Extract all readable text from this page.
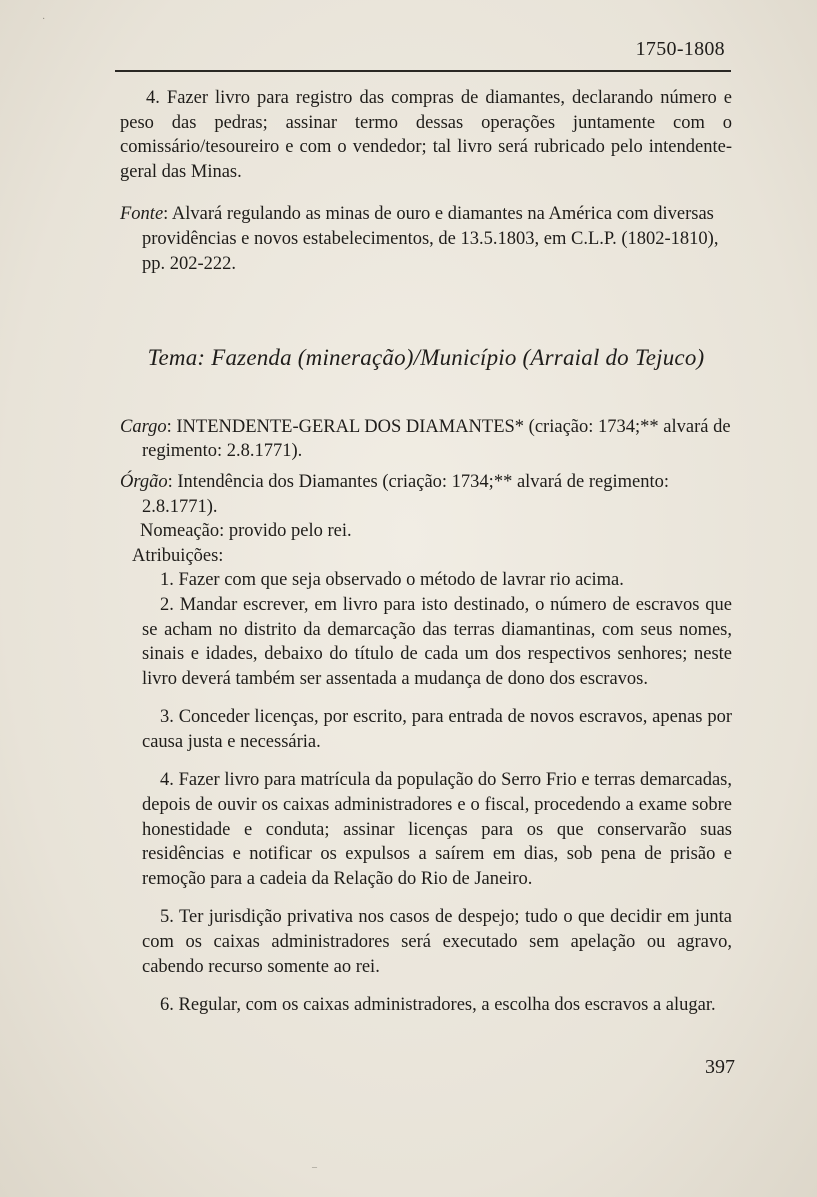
·
1750-1808

4. Fazer livro para registro das compras de diamantes, declarando número e peso das pedras; assinar termo dessas operações juntamente com o comissário/tesoureiro e com o vendedor; tal livro será rubricado pelo intendente-geral das Minas.

Fonte: Alvará regulando as minas de ouro e diamantes na América com diversas providências e novos estabelecimentos, de 13.5.1803, em C.L.P. (1802-1810), pp. 202-222.

Tema: Fazenda (mineração)/Município (Arraial do Tejuco)

Cargo: INTENDENTE-GERAL DOS DIAMANTES* (criação: 1734;** alvará de regimento: 2.8.1771).

Órgão: Intendência dos Diamantes (criação: 1734;** alvará de regimento: 2.8.1771).

Nomeação: provido pelo rei.

Atribuições:

1. Fazer com que seja observado o método de lavrar rio acima.

2. Mandar escrever, em livro para isto destinado, o número de escravos que se acham no distrito da demarcação das terras diamantinas, com seus nomes, sinais e idades, debaixo do título de cada um dos respectivos senhores; neste livro deverá também ser assentada a mudança de dono dos escravos.

3. Conceder licenças, por escrito, para entrada de novos escravos, apenas por causa justa e necessária.

4. Fazer livro para matrícula da população do Serro Frio e terras demarcadas, depois de ouvir os caixas administradores e o fiscal, procedendo a exame sobre honestidade e conduta; assinar licenças para os que conservarão suas residências e notificar os expulsos a saírem em dias, sob pena de prisão e remoção para a cadeia da Relação do Rio de Janeiro.

5. Ter jurisdição privativa nos casos de despejo; tudo o que decidir em junta com os caixas administradores será executado sem apelação ou agravo, cabendo recurso somente ao rei.

6. Regular, com os caixas administradores, a escolha dos escravos a alugar.

397
–
